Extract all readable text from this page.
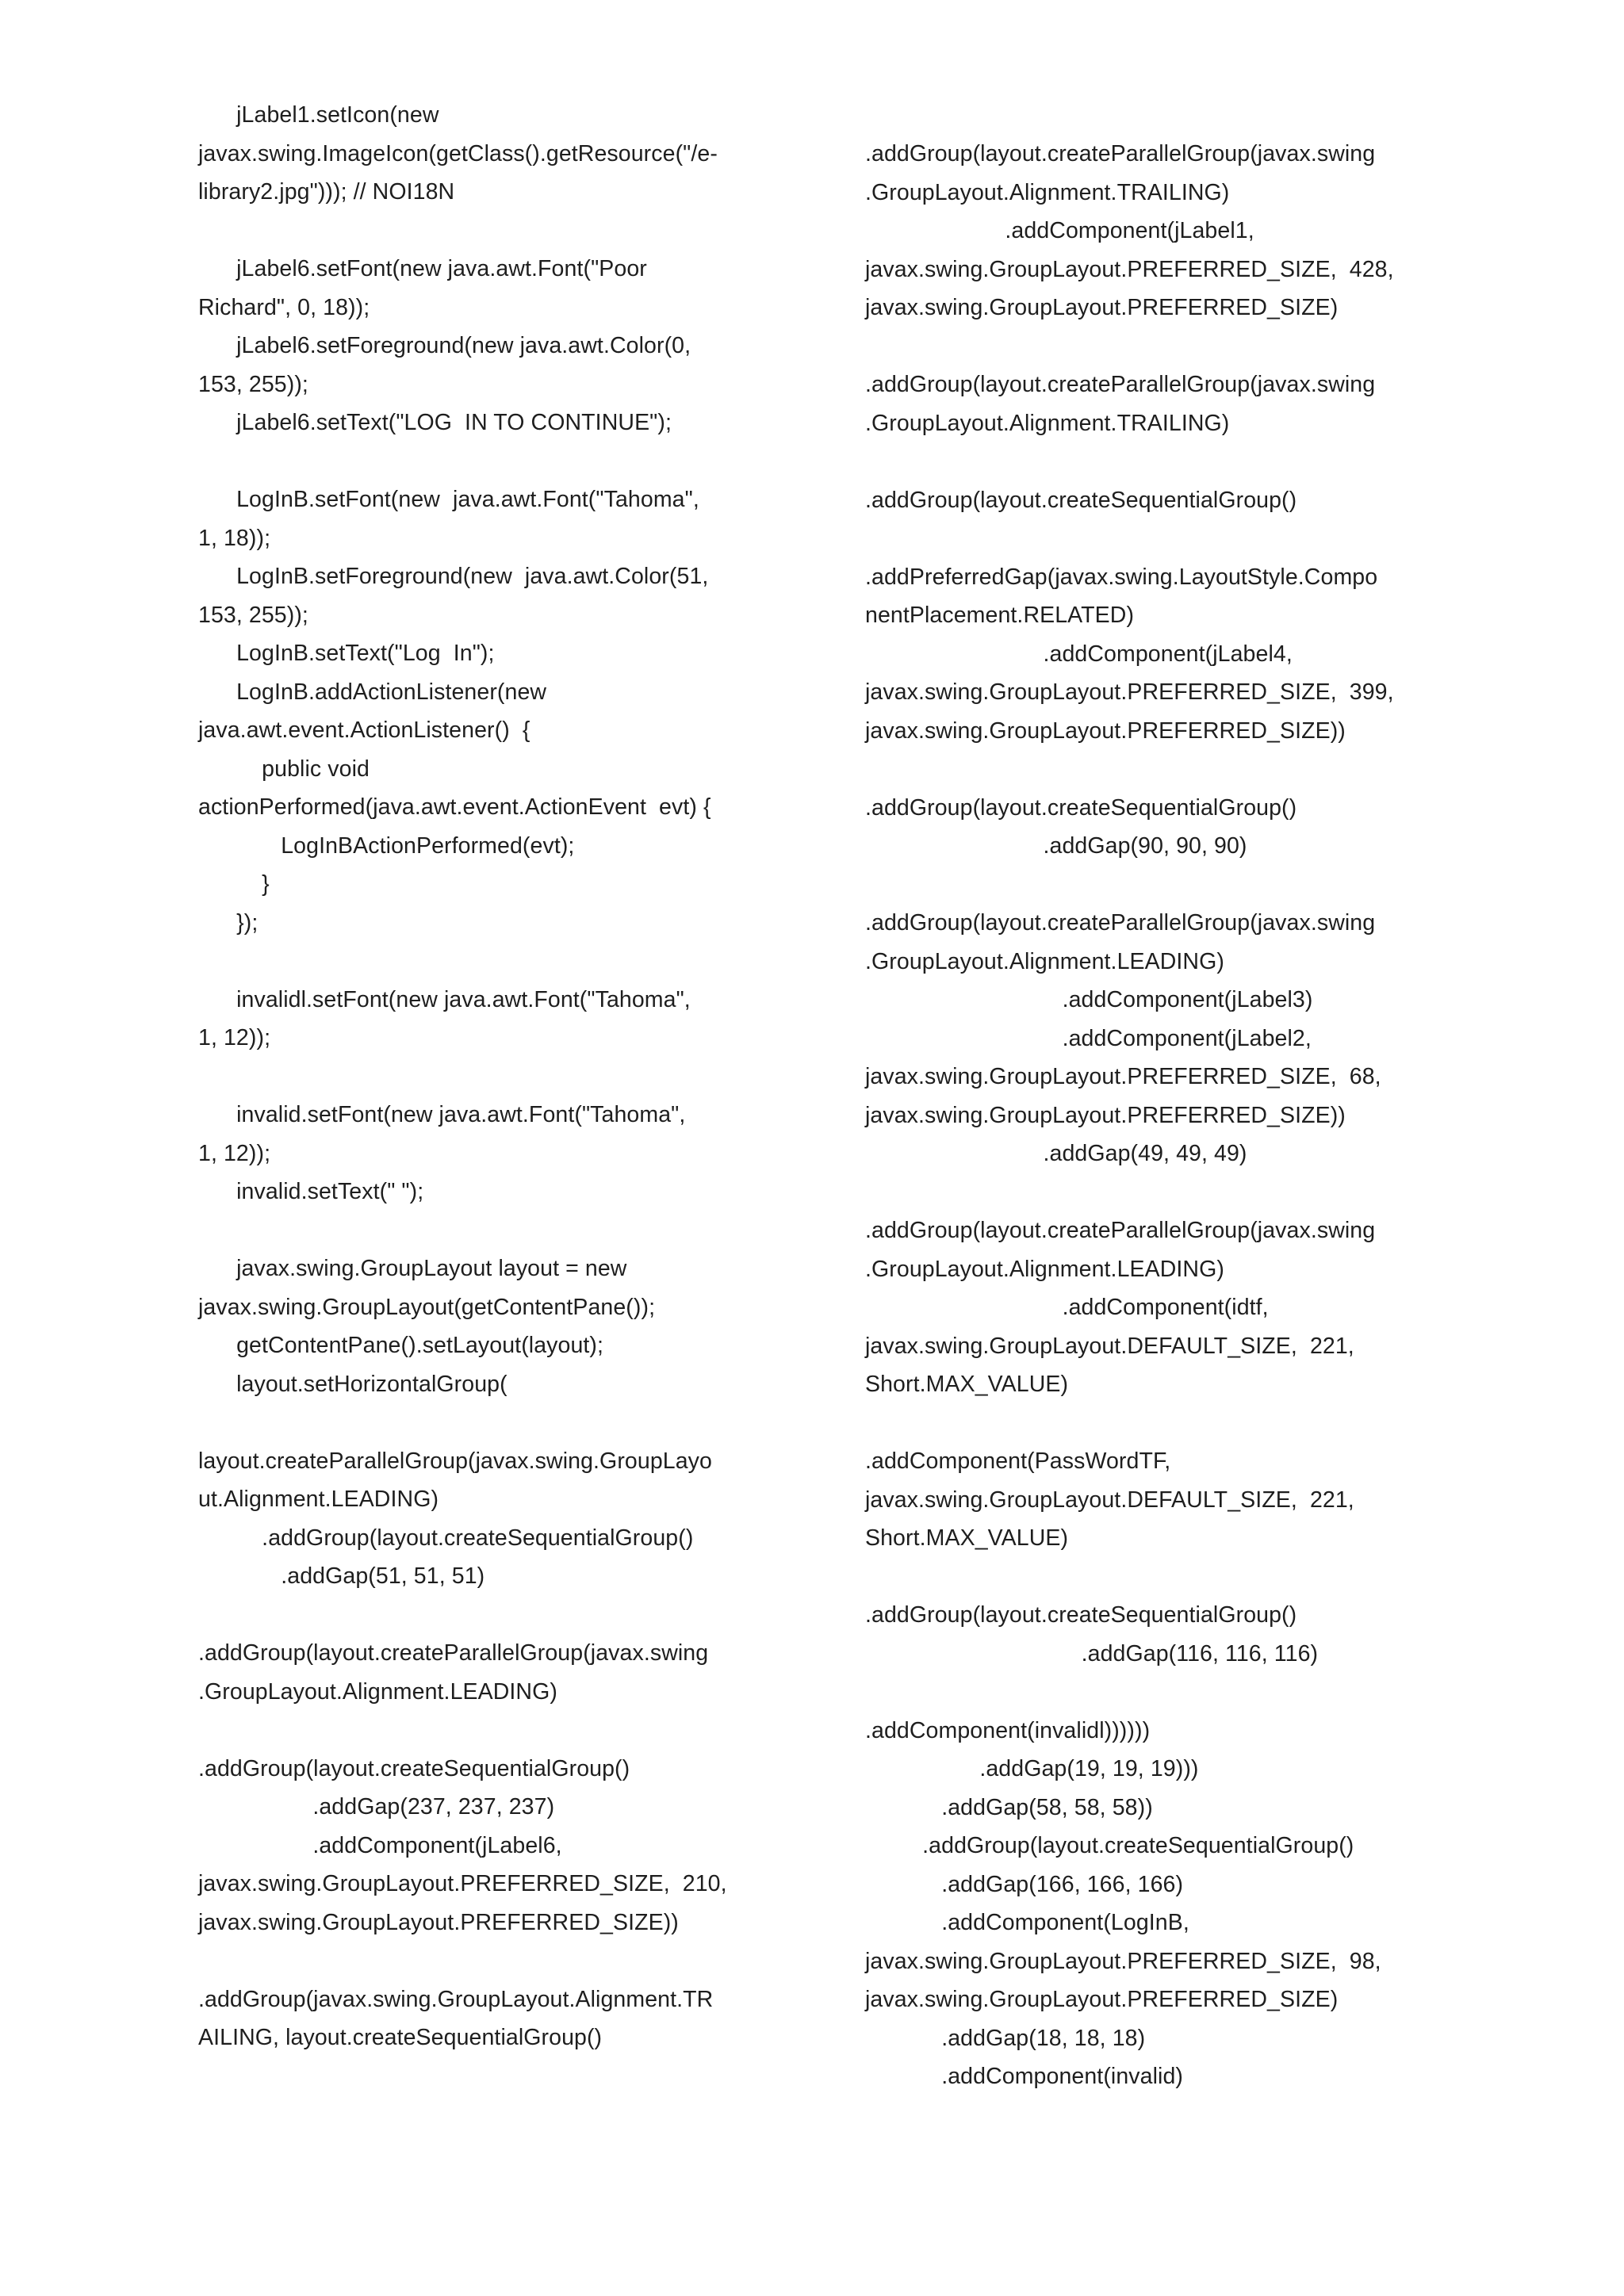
jLabel1.setIcon(new
javax.swing.ImageIcon(getClass().getResource("/e-
library2.jpg"))); // NOI18N
jLabel6.setFont(new java.awt.Font("Poor
Richard", 0, 18));
jLabel6.setForeground(new java.awt.Color(0,
153, 255));
jLabel6.setText("LOG  IN TO CONTINUE");
LogInB.setFont(new  java.awt.Font("Tahoma",
1, 18));
LogInB.setForeground(new  java.awt.Color(51,
153, 255));
LogInB.setText("Log  In");
LogInB.addActionListener(new
java.awt.event.ActionListener()  {
public void
actionPerformed(java.awt.event.ActionEvent  evt) {
LogInBActionPerformed(evt);
}
});
invalidl.setFont(new java.awt.Font("Tahoma",
1, 12));
invalid.setFont(new java.awt.Font("Tahoma",
1, 12));
invalid.setText(" ");
javax.swing.GroupLayout layout = new
javax.swing.GroupLayout(getContentPane());
getContentPane().setLayout(layout);
layout.setHorizontalGroup(
layout.createParallelGroup(javax.swing.GroupLayo
ut.Alignment.LEADING)
.addGroup(layout.createSequentialGroup()
.addGap(51, 51, 51)
.addGroup(layout.createParallelGroup(javax.swing
.GroupLayout.Alignment.LEADING)
.addGroup(layout.createSequentialGroup()
.addGap(237, 237, 237)
.addComponent(jLabel6,
javax.swing.GroupLayout.PREFERRED_SIZE,  210,
javax.swing.GroupLayout.PREFERRED_SIZE))
.addGroup(javax.swing.GroupLayout.Alignment.TR
AILING, layout.createSequentialGroup()
.addGroup(layout.createParallelGroup(javax.swing
.GroupLayout.Alignment.TRAILING)
.addComponent(jLabel1,
javax.swing.GroupLayout.PREFERRED_SIZE,  428,
javax.swing.GroupLayout.PREFERRED_SIZE)
.addGroup(layout.createParallelGroup(javax.swing
.GroupLayout.Alignment.TRAILING)
.addGroup(layout.createSequentialGroup()
.addPreferredGap(javax.swing.LayoutStyle.Compo
nentPlacement.RELATED)
.addComponent(jLabel4,
javax.swing.GroupLayout.PREFERRED_SIZE,  399,
javax.swing.GroupLayout.PREFERRED_SIZE))
.addGroup(layout.createSequentialGroup()
.addGap(90, 90, 90)
.addGroup(layout.createParallelGroup(javax.swing
.GroupLayout.Alignment.LEADING)
.addComponent(jLabel3)
.addComponent(jLabel2,
javax.swing.GroupLayout.PREFERRED_SIZE,  68,
javax.swing.GroupLayout.PREFERRED_SIZE))
.addGap(49, 49, 49)
.addGroup(layout.createParallelGroup(javax.swing
.GroupLayout.Alignment.LEADING)
.addComponent(idtf,
javax.swing.GroupLayout.DEFAULT_SIZE,  221,
Short.MAX_VALUE)
.addComponent(PassWordTF,
javax.swing.GroupLayout.DEFAULT_SIZE,  221,
Short.MAX_VALUE)
.addGroup(layout.createSequentialGroup()
.addGap(116, 116, 116)
.addComponent(invalidl))))))
.addGap(19, 19, 19)))
.addGap(58, 58, 58))
.addGroup(layout.createSequentialGroup()
.addGap(166, 166, 166)
.addComponent(LogInB,
javax.swing.GroupLayout.PREFERRED_SIZE,  98,
javax.swing.GroupLayout.PREFERRED_SIZE)
.addGap(18, 18, 18)
.addComponent(invalid)
